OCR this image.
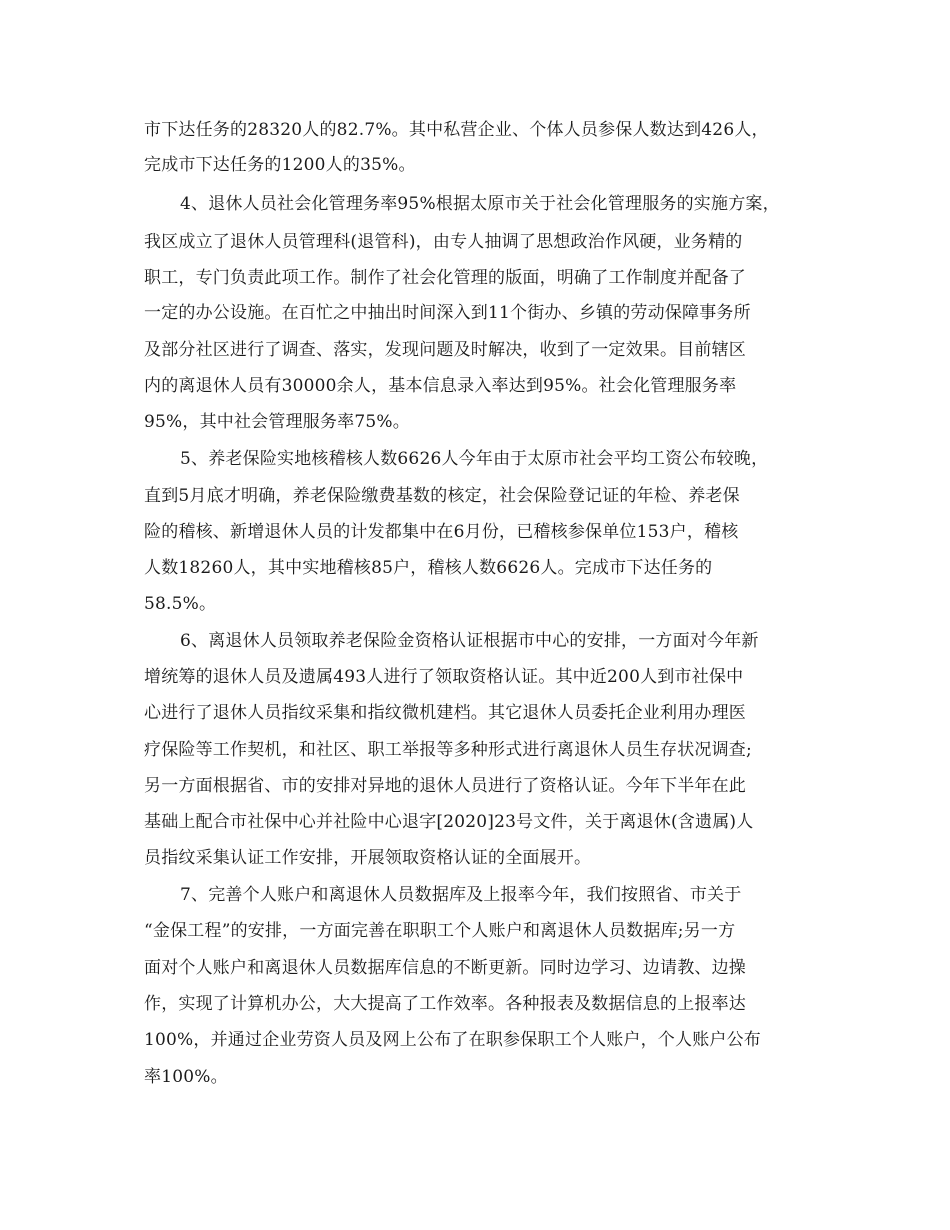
市下达任务的28320人的82.7%。其中私营企业、个体人员参保人数达到426人，
完成市下达任务的1200人的35%。
4、退休人员社会化管理务率95%根据太原市关于社会化管理服务的实施方案，
我区成立了退休人员管理科(退管科)，由专人抽调了思想政治作风硬，业务精的
职工，专门负责此项工作。制作了社会化管理的版面，明确了工作制度并配备了
一定的办公设施。在百忙之中抽出时间深入到11个街办、乡镇的劳动保障事务所
及部分社区进行了调查、落实，发现问题及时解决，收到了一定效果。目前辖区
内的离退休人员有30000余人，基本信息录入率达到95%。社会化管理服务率
95%，其中社会管理服务率75%。
5、养老保险实地核稽核人数6626人今年由于太原市社会平均工资公布较晚，
直到5月底才明确，养老保险缴费基数的核定，社会保险登记证的年检、养老保
险的稽核、新增退休人员的计发都集中在6月份，已稽核参保单位153户，稽核
人数18260人，其中实地稽核85户，稽核人数6626人。完成市下达任务的
58.5%。
6、离退休人员领取养老保险金资格认证根据市中心的安排，一方面对今年新
增统筹的退休人员及遗属493人进行了领取资格认证。其中近200人到市社保中
心进行了退休人员指纹采集和指纹微机建档。其它退休人员委托企业利用办理医
疗保险等工作契机，和社区、职工举报等多种形式进行离退休人员生存状况调查;
另一方面根据省、市的安排对异地的退休人员进行了资格认证。今年下半年在此
基础上配合市社保中心并社险中心退字[2020]23号文件，关于离退休(含遗属)人
员指纹采集认证工作安排，开展领取资格认证的全面展开。
7、完善个人账户和离退休人员数据库及上报率今年，我们按照省、市关于
“金保工程”的安排，一方面完善在职职工个人账户和离退休人员数据库;另一方
面对个人账户和离退休人员数据库信息的不断更新。同时边学习、边请教、边操
作，实现了计算机办公，大大提高了工作效率。各种报表及数据信息的上报率达
100%，并通过企业劳资人员及网上公布了在职参保职工个人账户，个人账户公布
率100%。
